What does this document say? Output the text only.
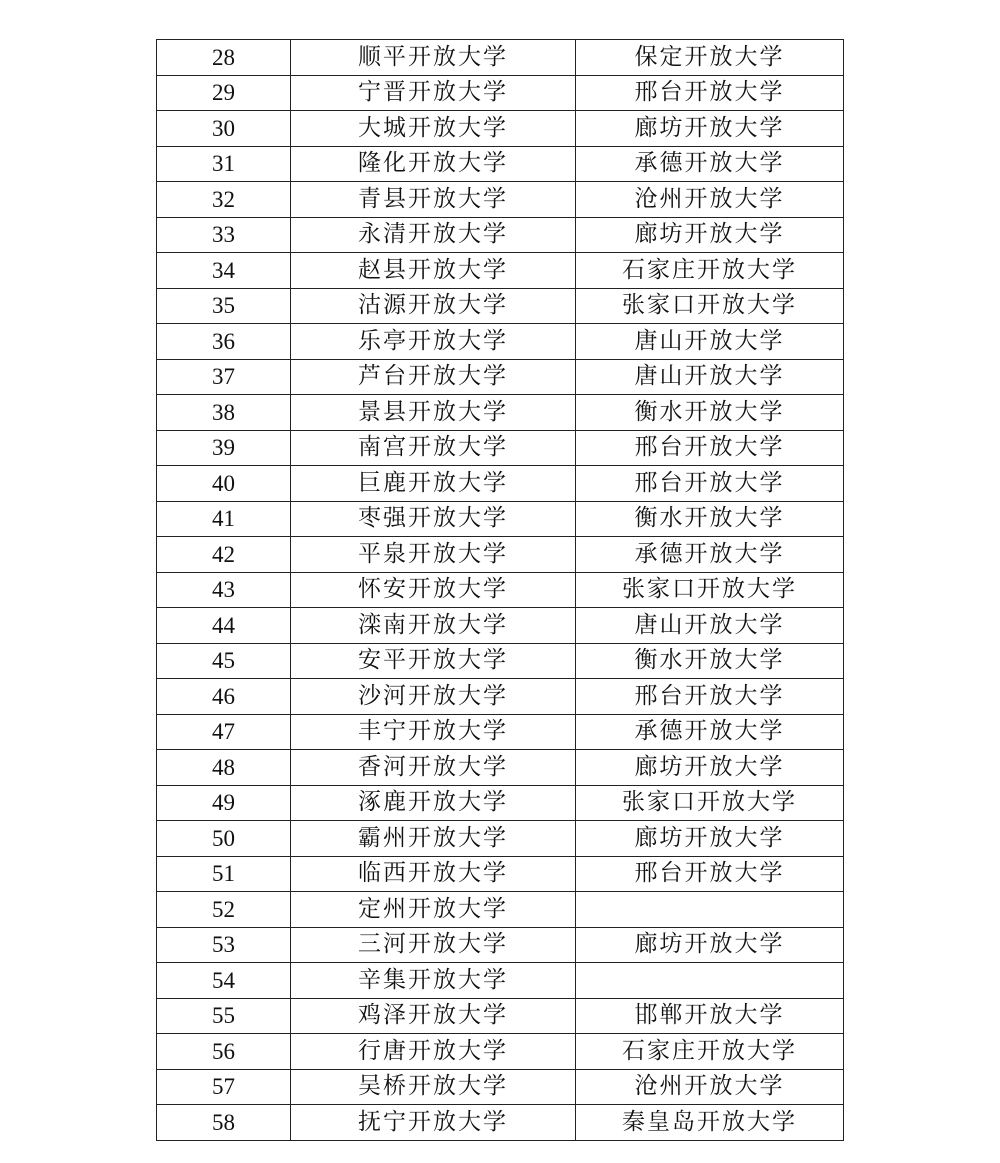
28	顺平开放大学	保定开放大学
29	宁晋开放大学	邢台开放大学
30	大城开放大学	廊坊开放大学
31	隆化开放大学	承德开放大学
32	青县开放大学	沧州开放大学
33	永清开放大学	廊坊开放大学
34	赵县开放大学	石家庄开放大学
35	沽源开放大学	张家口开放大学
36	乐亭开放大学	唐山开放大学
37	芦台开放大学	唐山开放大学
38	景县开放大学	衡水开放大学
39	南宫开放大学	邢台开放大学
40	巨鹿开放大学	邢台开放大学
41	枣强开放大学	衡水开放大学
42	平泉开放大学	承德开放大学
43	怀安开放大学	张家口开放大学
44	滦南开放大学	唐山开放大学
45	安平开放大学	衡水开放大学
46	沙河开放大学	邢台开放大学
47	丰宁开放大学	承德开放大学
48	香河开放大学	廊坊开放大学
49	涿鹿开放大学	张家口开放大学
50	霸州开放大学	廊坊开放大学
51	临西开放大学	邢台开放大学
52	定州开放大学	
53	三河开放大学	廊坊开放大学
54	辛集开放大学	
55	鸡泽开放大学	邯郸开放大学
56	行唐开放大学	石家庄开放大学
57	吴桥开放大学	沧州开放大学
58	抚宁开放大学	秦皇岛开放大学
